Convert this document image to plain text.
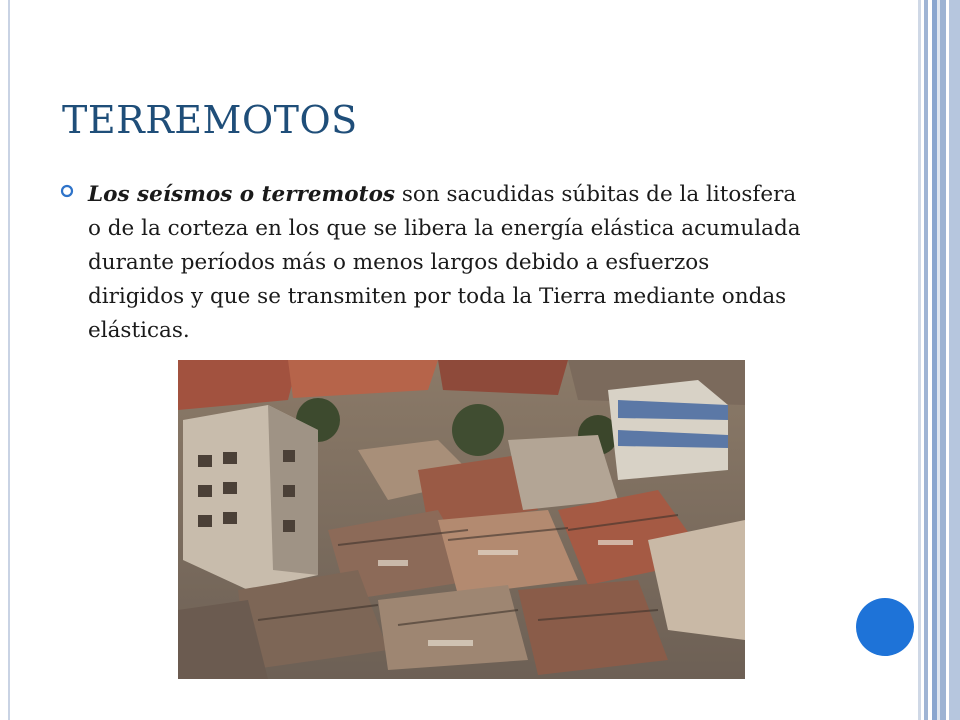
TERREMOTOS

Los seísmos o terremotos son sacudidas súbitas de la litosfera o de la corteza en los que se libera la energía elástica acumulada durante períodos más o menos largos debido a esfuerzos dirigidos y que se transmiten por toda la Tierra mediante ondas elásticas.
